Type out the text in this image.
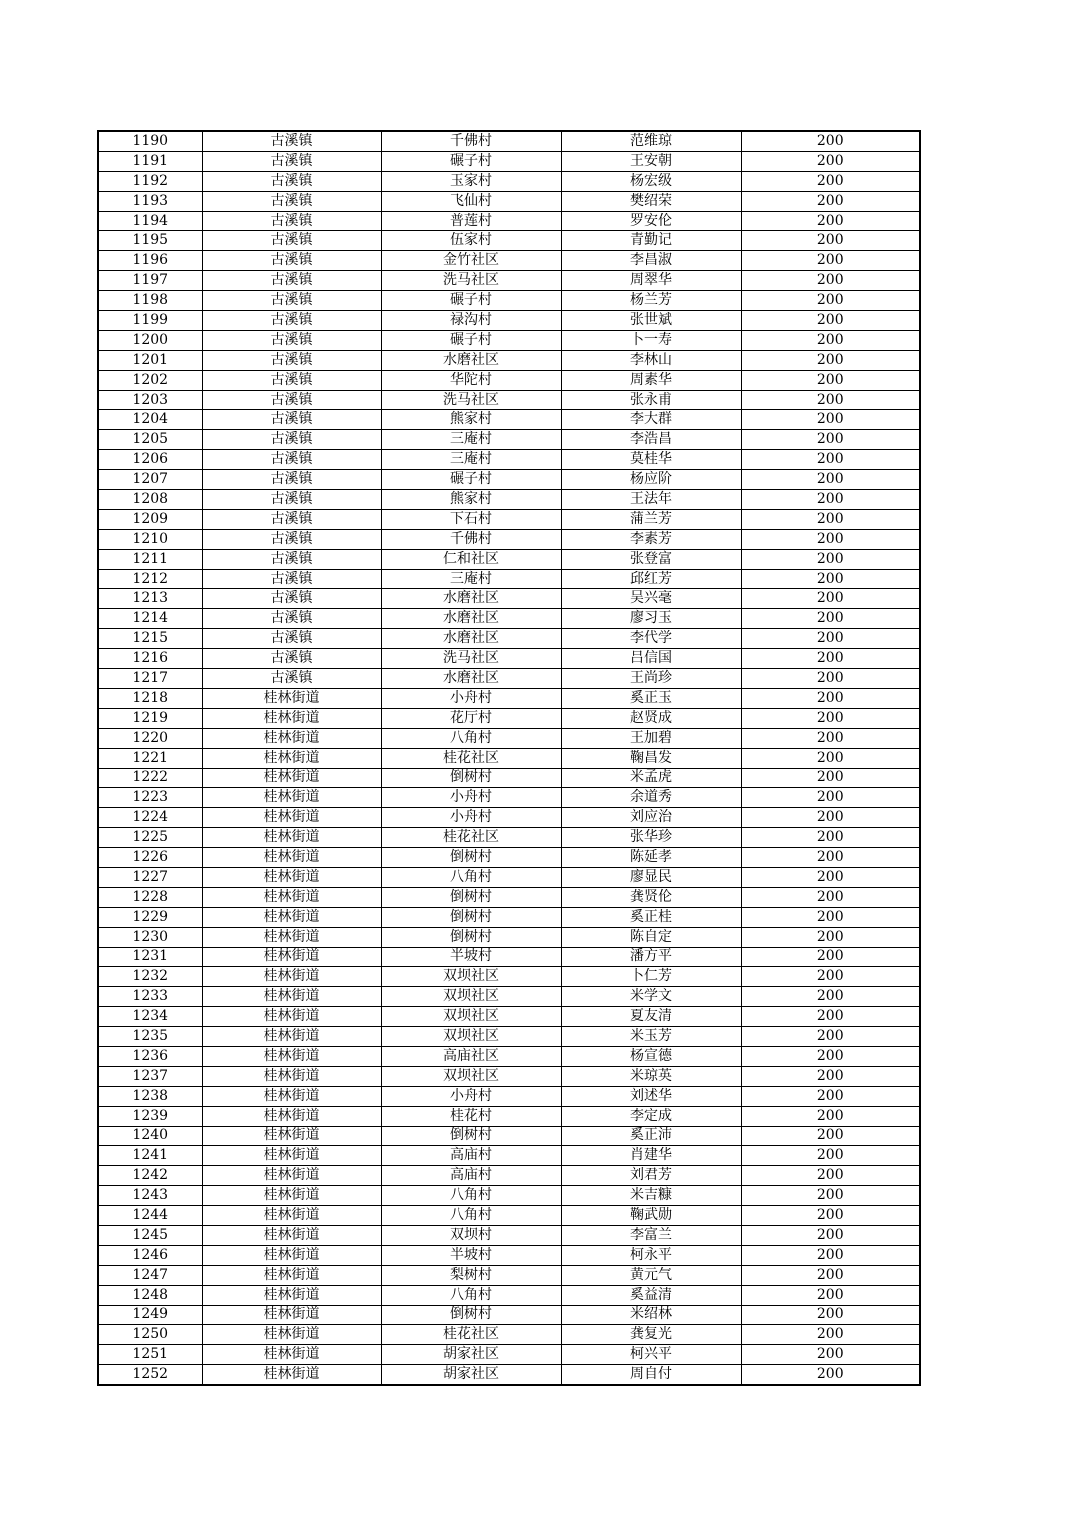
1190	古溪镇	千佛村	范维琼	200
1191	古溪镇	碾子村	王安朝	200
1192	古溪镇	玉家村	杨宏级	200
1193	古溪镇	飞仙村	樊绍荣	200
1194	古溪镇	普莲村	罗安伦	200
1195	古溪镇	伍家村	青勤记	200
1196	古溪镇	金竹社区	李昌淑	200
1197	古溪镇	洗马社区	周翠华	200
1198	古溪镇	碾子村	杨兰芳	200
1199	古溪镇	禄沟村	张世斌	200
1200	古溪镇	碾子村	卜一寿	200
1201	古溪镇	水磨社区	李林山	200
1202	古溪镇	华陀村	周素华	200
1203	古溪镇	洗马社区	张永甫	200
1204	古溪镇	熊家村	李大群	200
1205	古溪镇	三庵村	李浩昌	200
1206	古溪镇	三庵村	莫桂华	200
1207	古溪镇	碾子村	杨应阶	200
1208	古溪镇	熊家村	王法年	200
1209	古溪镇	下石村	蒲兰芳	200
1210	古溪镇	千佛村	李素芳	200
1211	古溪镇	仁和社区	张登富	200
1212	古溪镇	三庵村	邱红芳	200
1213	古溪镇	水磨社区	吴兴毫	200
1214	古溪镇	水磨社区	廖习玉	200
1215	古溪镇	水磨社区	李代学	200
1216	古溪镇	洗马社区	吕信国	200
1217	古溪镇	水磨社区	王尚珍	200
1218	桂林街道	小舟村	奚正玉	200
1219	桂林街道	花厅村	赵贤成	200
1220	桂林街道	八角村	王加碧	200
1221	桂林街道	桂花社区	鞠昌发	200
1222	桂林街道	倒树村	米孟虎	200
1223	桂林街道	小舟村	余道秀	200
1224	桂林街道	小舟村	刘应治	200
1225	桂林街道	桂花社区	张华珍	200
1226	桂林街道	倒树村	陈延孝	200
1227	桂林街道	八角村	廖显民	200
1228	桂林街道	倒树村	龚贤伦	200
1229	桂林街道	倒树村	奚正桂	200
1230	桂林街道	倒树村	陈自定	200
1231	桂林街道	半坡村	潘方平	200
1232	桂林街道	双坝社区	卜仁芳	200
1233	桂林街道	双坝社区	米学文	200
1234	桂林街道	双坝社区	夏友清	200
1235	桂林街道	双坝社区	米玉芳	200
1236	桂林街道	高庙社区	杨宣德	200
1237	桂林街道	双坝社区	米琼英	200
1238	桂林街道	小舟村	刘述华	200
1239	桂林街道	桂花村	李定成	200
1240	桂林街道	倒树村	奚正沛	200
1241	桂林街道	高庙村	肖建华	200
1242	桂林街道	高庙村	刘君芳	200
1243	桂林街道	八角村	米吉糠	200
1244	桂林街道	八角村	鞠武勋	200
1245	桂林街道	双坝村	李富兰	200
1246	桂林街道	半坡村	柯永平	200
1247	桂林街道	梨树村	黄元气	200
1248	桂林街道	八角村	奚益清	200
1249	桂林街道	倒树村	米绍林	200
1250	桂林街道	桂花社区	龚复光	200
1251	桂林街道	胡家社区	柯兴平	200
1252	桂林街道	胡家社区	周自付	200
